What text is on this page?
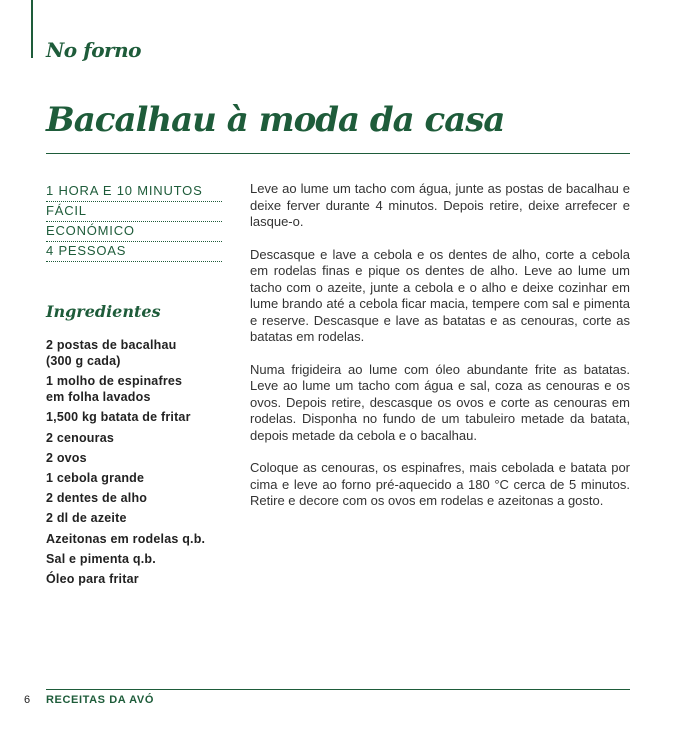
No forno
Bacalhau à moda da casa
1 HORA E 10 MINUTOS
FÁCIL
ECONÓMICO
4 PESSOAS
Ingredientes
2 postas de bacalhau
(300 g cada)
1 molho de espinafres
em folha lavados
1,500 kg batata de fritar
2 cenouras
2 ovos
1 cebola grande
2 dentes de alho
2 dl de azeite
Azeitonas em rodelas q.b.
Sal e pimenta q.b.
Óleo para fritar

Leve ao lume um tacho com água, junte as postas de bacalhau e deixe ferver durante 4 minutos. Depois retire, deixe arrefecer e lasque-o.

Descasque e lave a cebola e os dentes de alho, corte a cebola em rodelas finas e pique os dentes de alho. Leve ao lume um tacho com o azeite, junte a cebola e o alho e deixe cozinhar em lume brando até a cebola ficar macia, tempere com sal e pimenta e reserve. Descasque e lave as batatas e as cenouras, corte as batatas em rodelas.

Numa frigideira ao lume com óleo abundante frite as batatas. Leve ao lume um tacho com água e sal, coza as cenouras e os ovos. Depois retire, descasque os ovos e corte as cenouras em rodelas. Disponha no fundo de um tabuleiro metade da batata, depois metade da cebola e o bacalhau.

Coloque as cenouras, os espinafres, mais cebolada e batata por cima e leve ao forno pré-aquecido a 180 °C cerca de 5 minutos. Retire e decore com os ovos em rodelas e azeitonas a gosto.

6 RECEITAS DA AVÓ
